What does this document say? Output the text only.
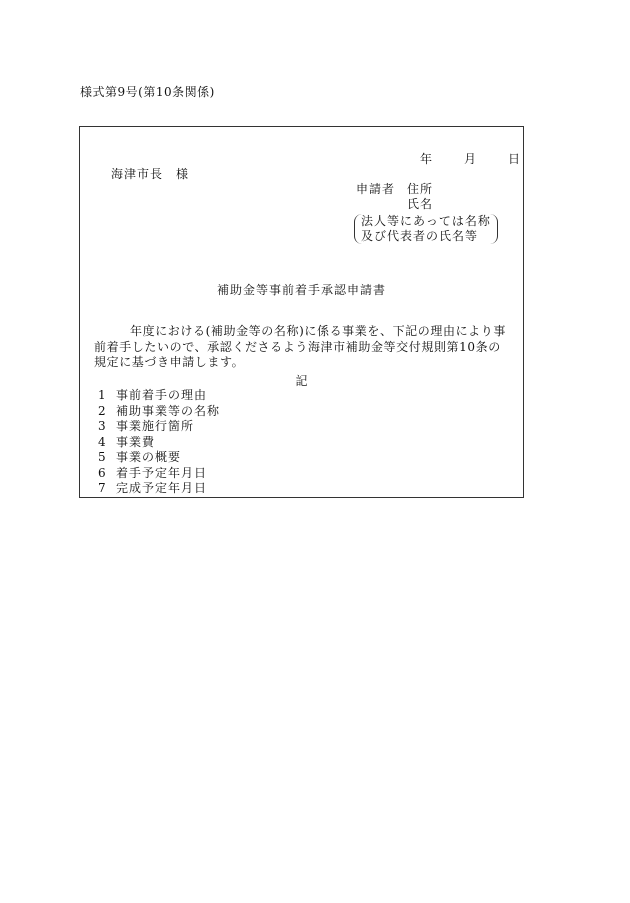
様式第9号(第10条関係)
年	月	日
海津市長　様
申請者 住所
氏名
法人等にあっては名称
及び代表者の氏名等
補助金等事前着手承認申請書
年度における(補助金等の名称)に係る事業を、下記の理由により事前着手したいので、承認くださるよう海津市補助金等交付規則第10条の規定に基づき申請します。
記
1 事前着手の理由
2 補助事業等の名称
3 事業施行箇所
4 事業費
5 事業の概要
6 着手予定年月日
7 完成予定年月日
